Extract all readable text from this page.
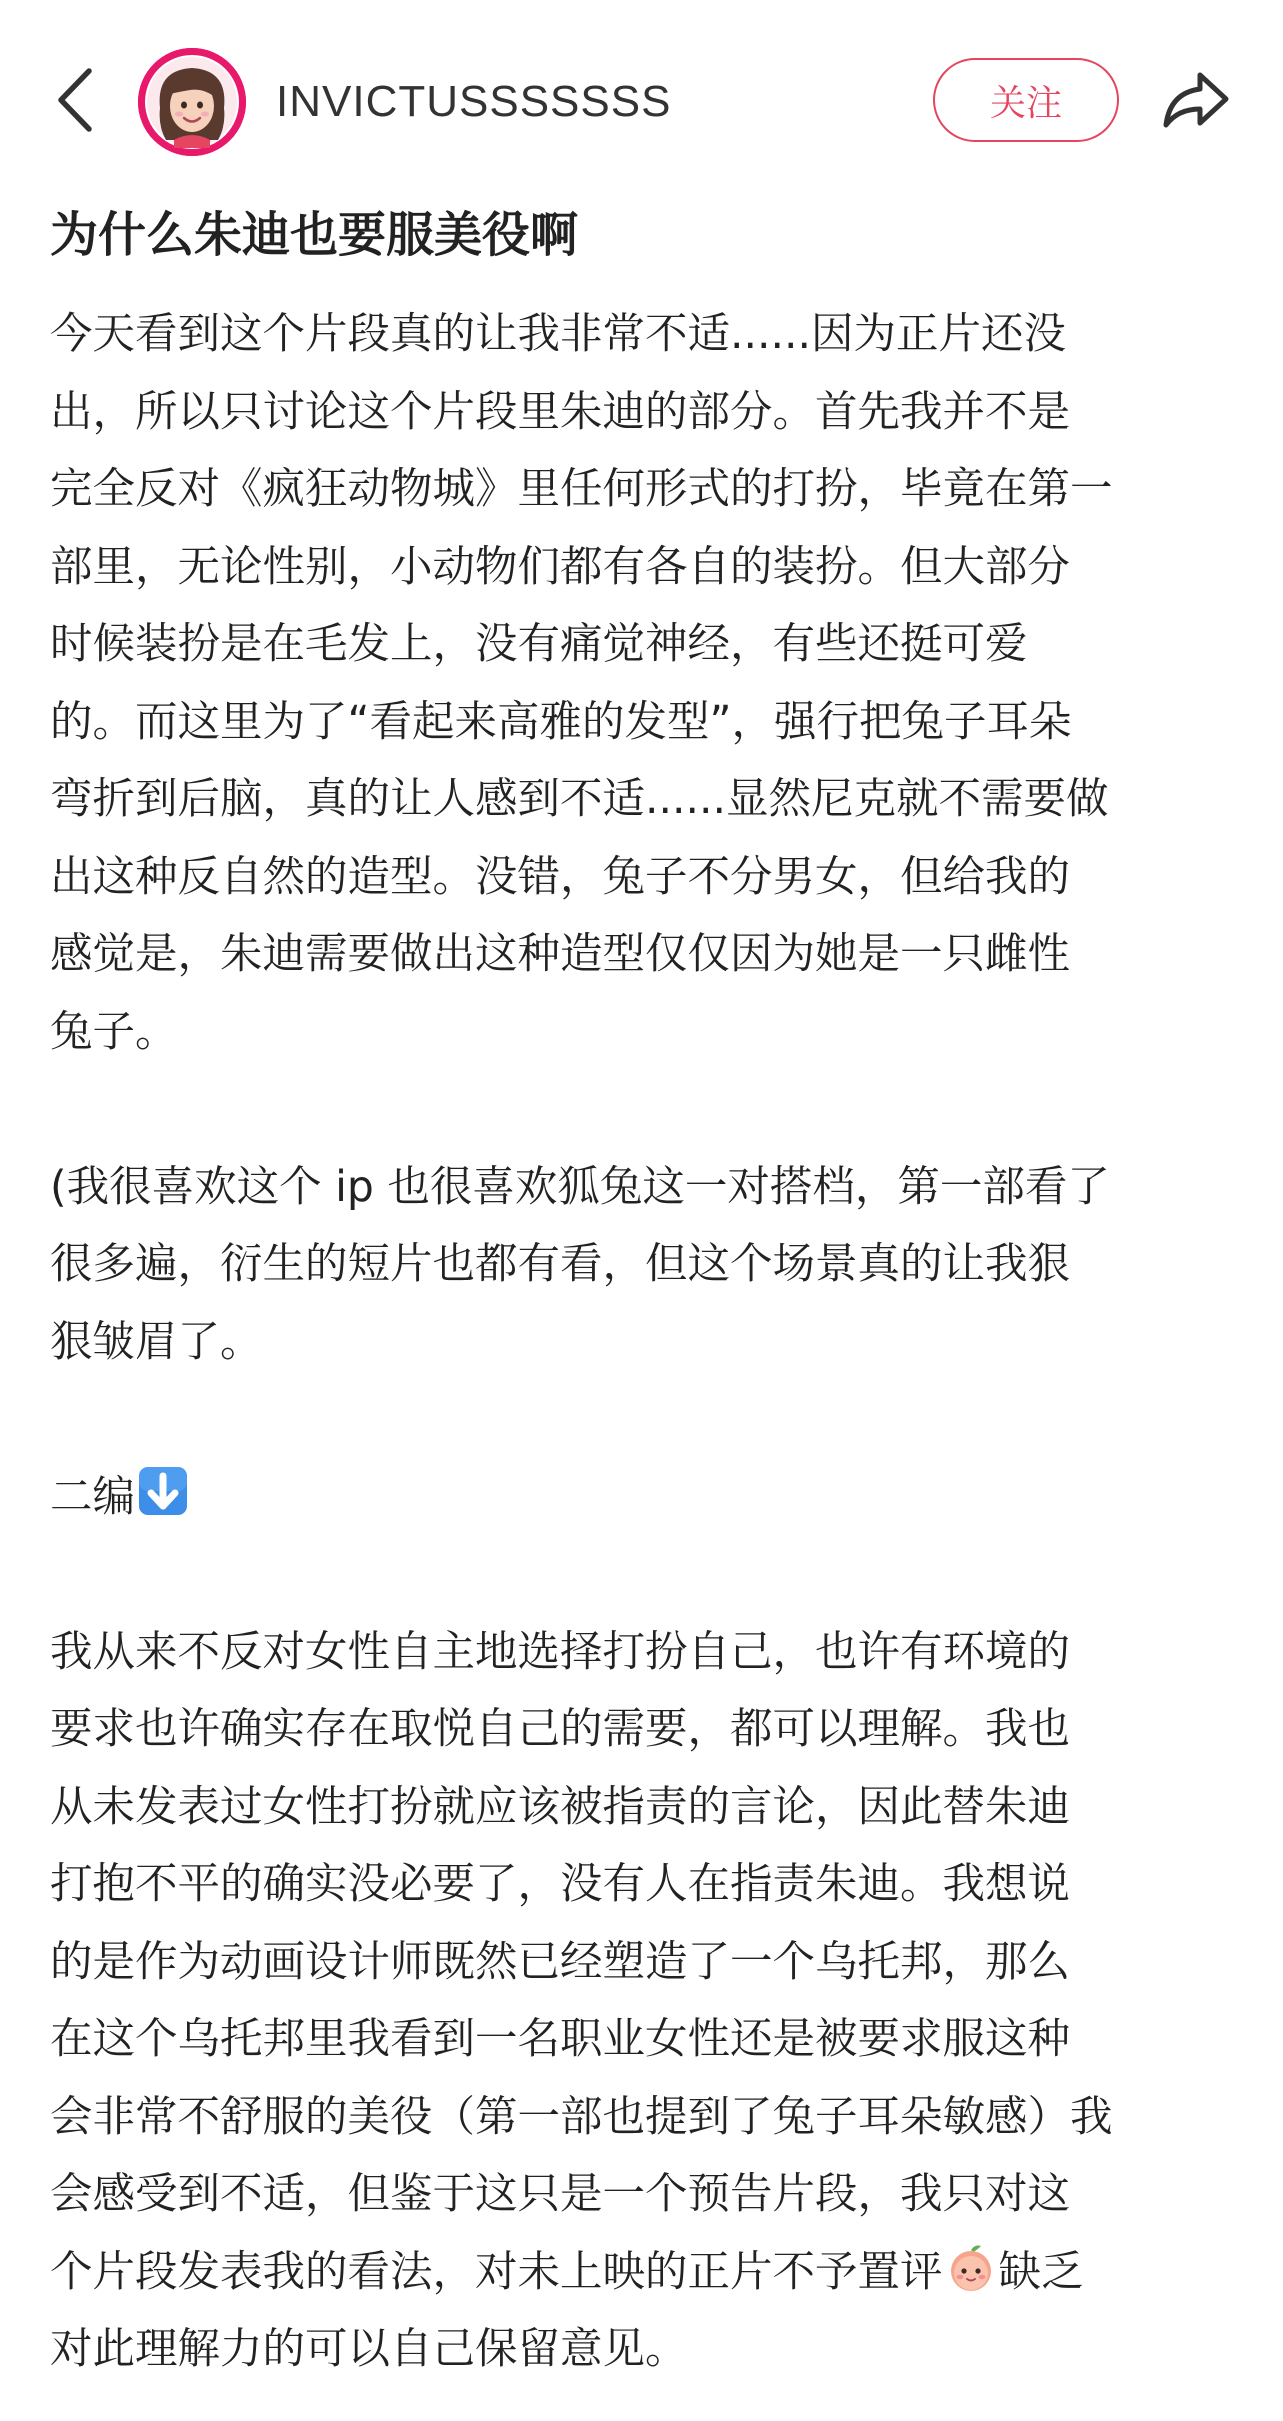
INVICTUSSSSSSS	关注
为什么朱迪也要服美役啊

今天看到这个片段真的让我非常不适......因为正片还没
出，所以只讨论这个片段里朱迪的部分。首先我并不是
完全反对《疯狂动物城》里任何形式的打扮，毕竟在第一
部里，无论性别，小动物们都有各自的装扮。但大部分
时候装扮是在毛发上，没有痛觉神经，有些还挺可爱
的。而这里为了“看起来高雅的发型”，强行把兔子耳朵
弯折到后脑，真的让人感到不适......显然尼克就不需要做
出这种反自然的造型。没错，兔子不分男女，但给我的
感觉是，朱迪需要做出这种造型仅仅因为她是一只雌性
兔子。

(我很喜欢这个 ip 也很喜欢狐兔这一对搭档，第一部看了
很多遍，衍生的短片也都有看，但这个场景真的让我狠
狠皱眉了。

二编

我从来不反对女性自主地选择打扮自己，也许有环境的
要求也许确实存在取悦自己的需要，都可以理解。我也
从未发表过女性打扮就应该被指责的言论，因此替朱迪
打抱不平的确实没必要了，没有人在指责朱迪。我想说
的是作为动画设计师既然已经塑造了一个乌托邦，那么
在这个乌托邦里我看到一名职业女性还是被要求服这种
会非常不舒服的美役（第一部也提到了兔子耳朵敏感）我
会感受到不适，但鉴于这只是一个预告片段，我只对这
个片段发表我的看法，对未上映的正片不予置评 缺乏
对此理解力的可以自己保留意见。
